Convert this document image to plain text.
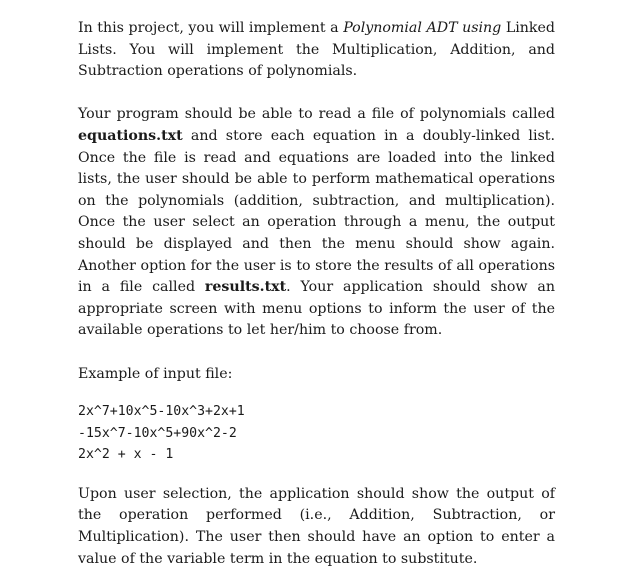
In this project, you will implement a Polynomial ADT using Linked Lists. You will implement the Multiplication, Addition, and Subtraction operations of polynomials.

Your program should be able to read a file of polynomials called equations.txt and store each equation in a doubly-linked list. Once the file is read and equations are loaded into the linked lists, the user should be able to perform mathematical operations on the polynomials (addition, subtraction, and multiplication). Once the user select an operation through a menu, the output should be displayed and then the menu should show again. Another option for the user is to store the results of all operations in a file called results.txt. Your application should show an appropriate screen with menu options to inform the user of the available operations to let her/him to choose from.

Example of input file:

2x^7+10x^5-10x^3+2x+1
-15x^7-10x^5+90x^2-2
2x^2 + x - 1

Upon user selection, the application should show the output of the operation performed (i.e., Addition, Subtraction, or Multiplication). The user then should have an option to enter a value of the variable term in the equation to substitute.
